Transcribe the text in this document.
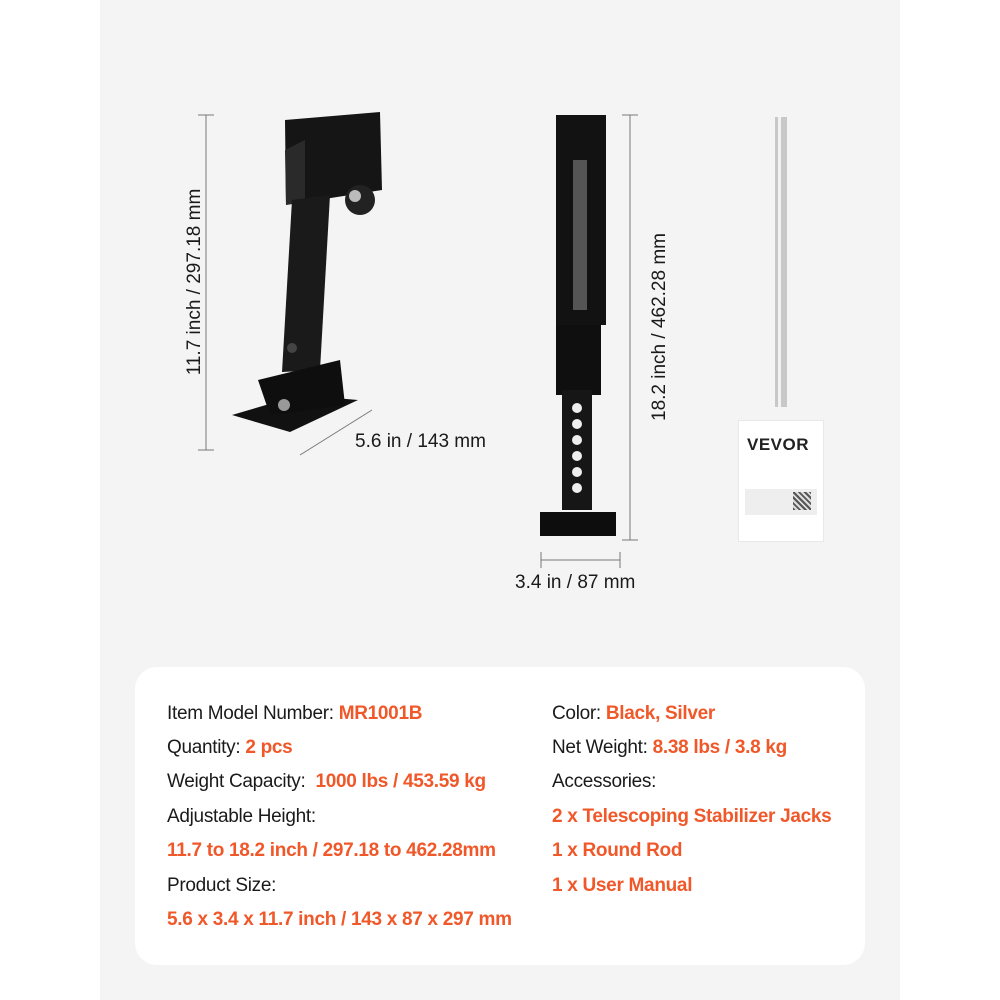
11.7 inch / 297.18 mm
5.6 in / 143 mm
18.2 inch / 462.28 mm
3.4 in / 87 mm
VEVOR
Item Model Number: MR1001B
Quantity: 2 pcs
Weight Capacity: 1000 lbs / 453.59 kg
Adjustable Height:
11.7 to 18.2 inch / 297.18 to 462.28mm
Product Size:
5.6 x 3.4 x 11.7 inch / 143 x 87 x 297 mm
Color: Black, Silver
Net Weight: 8.38 lbs / 3.8 kg
Accessories:
2 x Telescoping Stabilizer Jacks
1 x Round Rod
1 x User Manual
